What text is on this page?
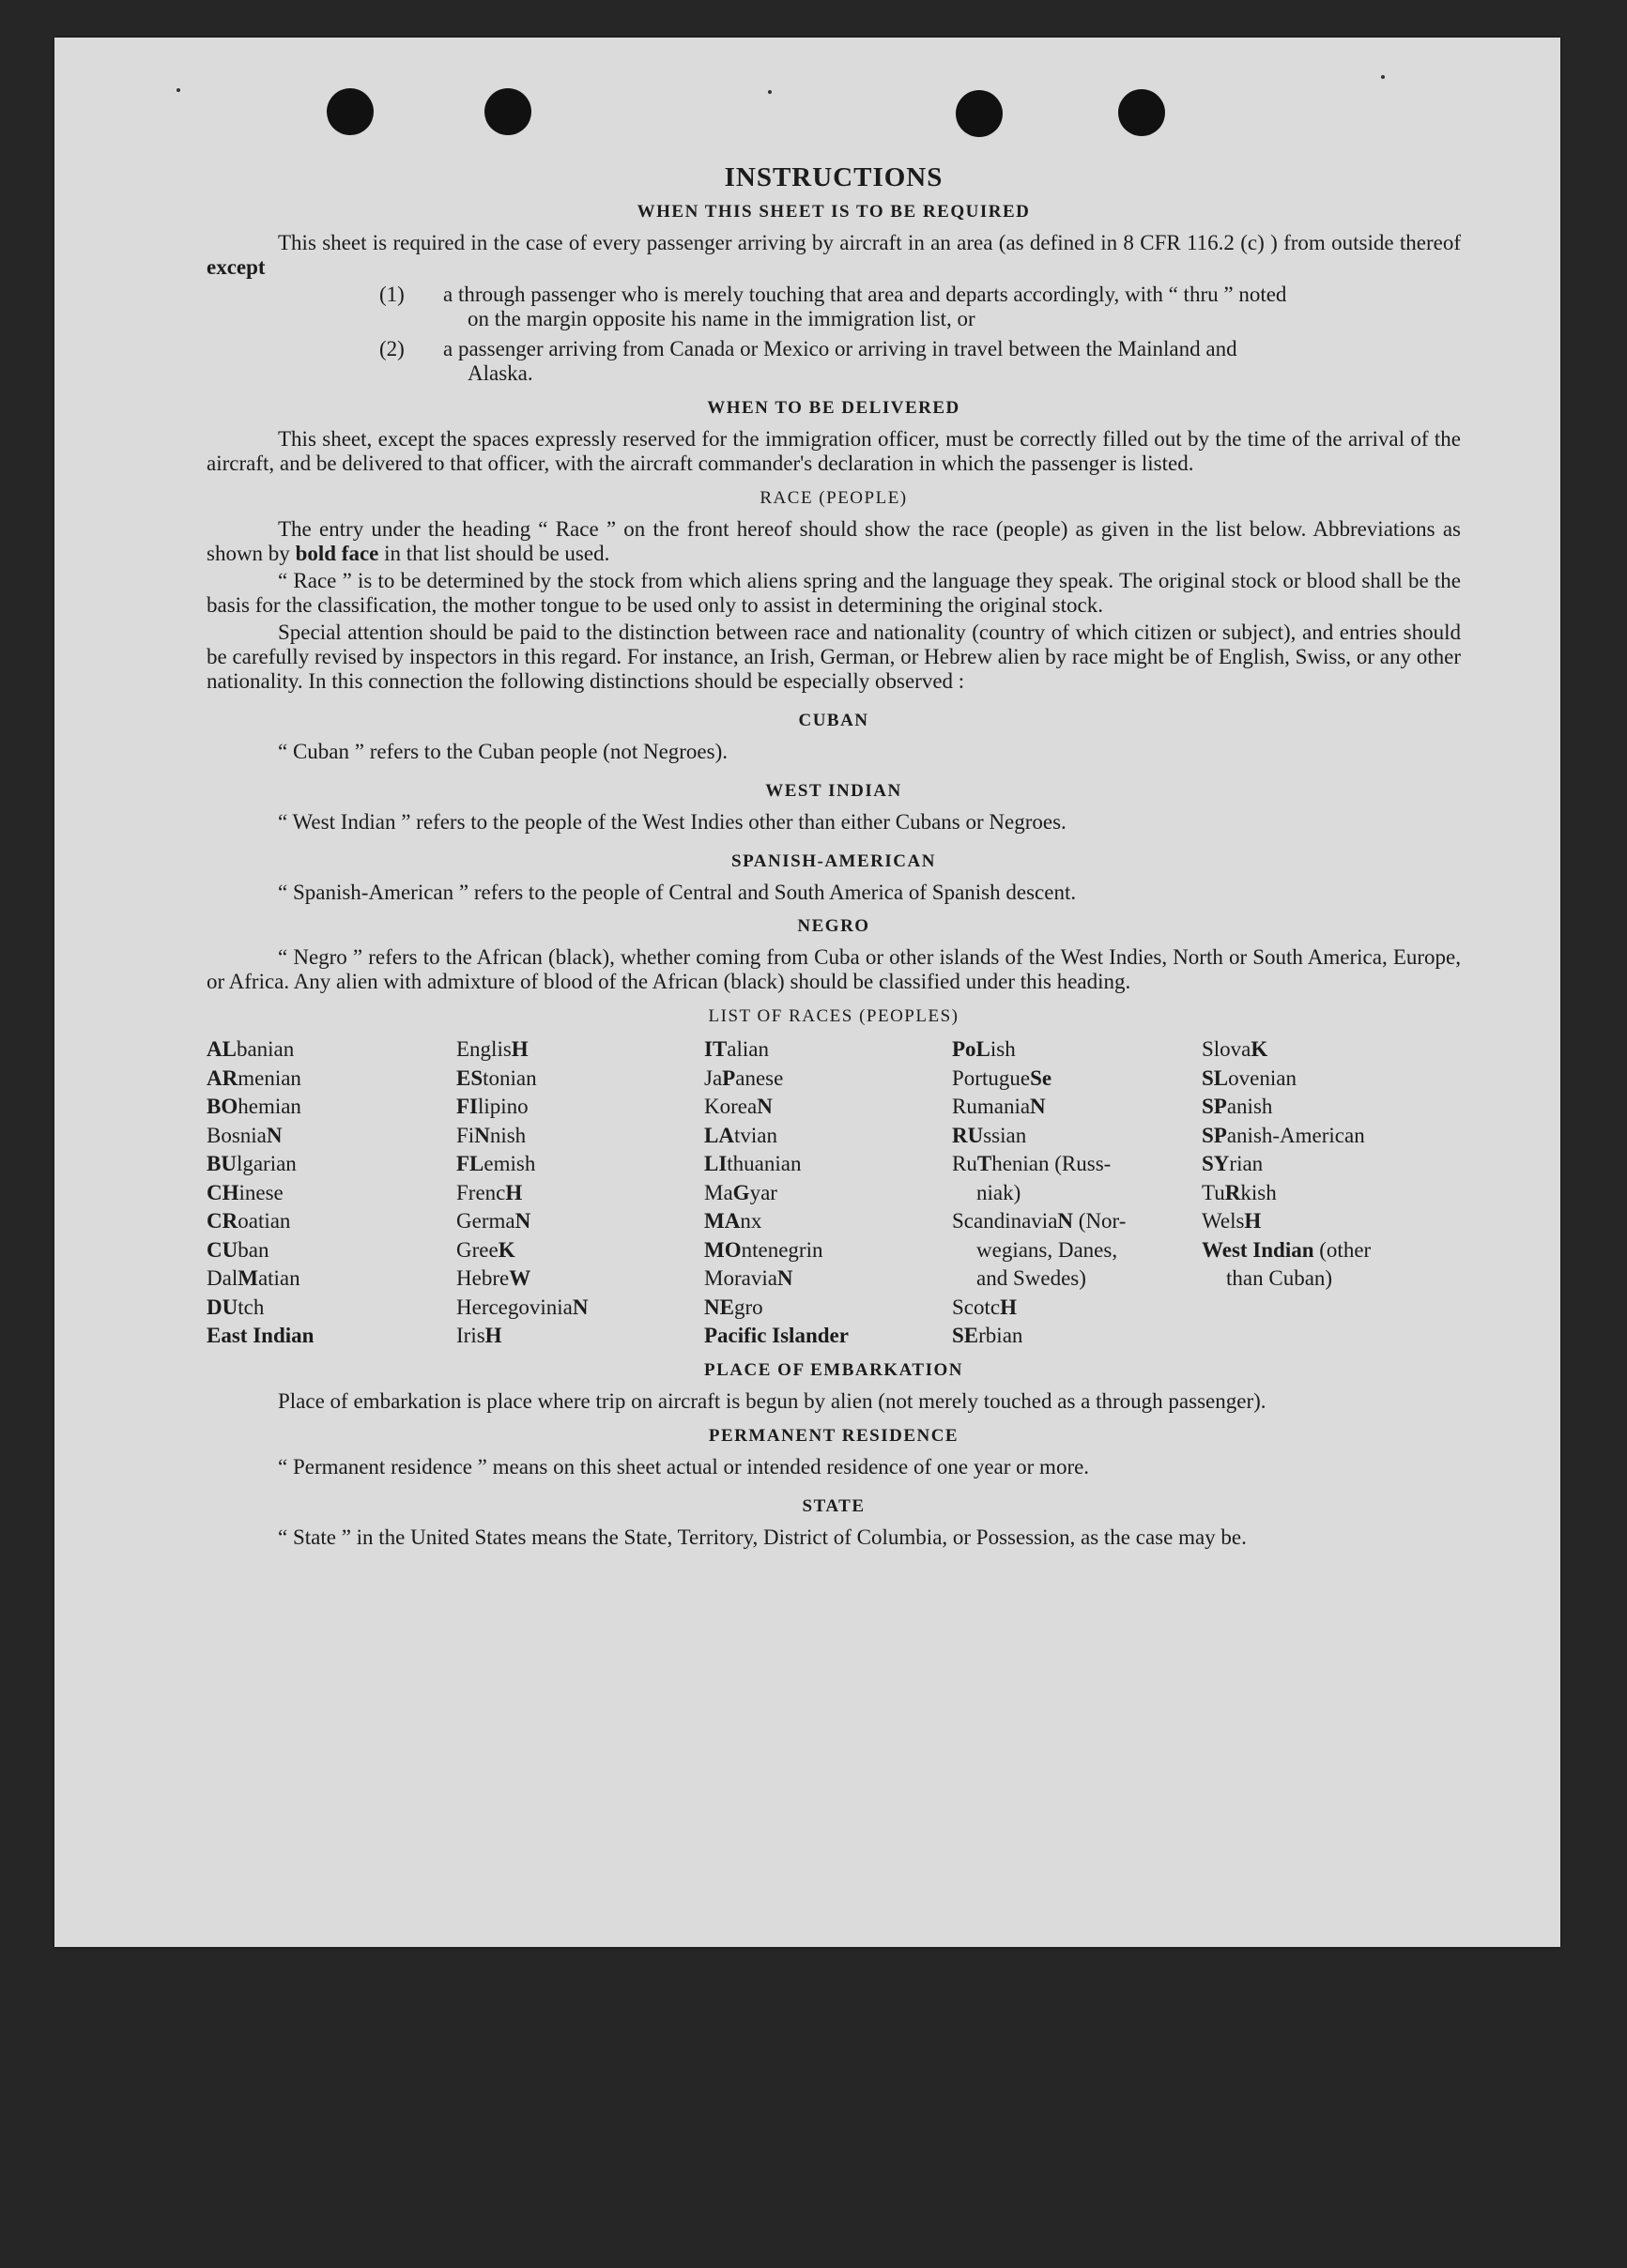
INSTRUCTIONS
WHEN THIS SHEET IS TO BE REQUIRED

This sheet is required in the case of every passenger arriving by aircraft in an area (as defined in 8 CFR 116.2 (c) ) from outside thereof except

(1)	a through passenger who is merely touching that area and departs accordingly, with “ thru ” noted
on the margin opposite his name in the immigration list, or
(2)	a passenger arriving from Canada or Mexico or arriving in travel between the Mainland and
Alaska.
WHEN TO BE DELIVERED

This sheet, except the spaces expressly reserved for the immigration officer, must be correctly filled out by the time of the arrival of the aircraft, and be delivered to that officer, with the aircraft commander's declaration in which the passenger is listed.

RACE (PEOPLE)

The entry under the heading “ Race ” on the front hereof should show the race (people) as given in the list below. Abbreviations as shown by bold face in that list should be used.

“ Race ” is to be determined by the stock from which aliens spring and the language they speak. The original stock or blood shall be the basis for the classification, the mother tongue to be used only to assist in determining the original stock.

Special attention should be paid to the distinction between race and nationality (country of which citizen or subject), and entries should be carefully revised by inspectors in this regard. For instance, an Irish, German, or Hebrew alien by race might be of English, Swiss, or any other nationality. In this connection the following distinctions should be especially observed :

CUBAN

“ Cuban ” refers to the Cuban people (not Negroes).

WEST INDIAN

“ West Indian ” refers to the people of the West Indies other than either Cubans or Negroes.

SPANISH-AMERICAN

“ Spanish-American ” refers to the people of Central and South America of Spanish descent.

NEGRO

“ Negro ” refers to the African (black), whether coming from Cuba or other islands of the West Indies, North or South America, Europe, or Africa. Any alien with admixture of blood of the African (black) should be classified under this heading.

LIST OF RACES (PEOPLES)
ALbanian
ARmenian
BOhemian
BosniaN
BUlgarian
CHinese
CRoatian
CUban
DalMatian
DUtch
East Indian
EnglisH
EStonian
FIlipino
FiNnish
FLemish
FrencH
GermaN
GreeK
HebreW
HercegoviniaN
IrisH
ITalian
JaPanese
KoreaN
LAtvian
LIthuanian
MaGyar
MAnx
MOntenegrin
MoraviaN
NEgro
Pacific Islander
PoLish
PortugueSe
RumaniaN
RUssian
RuThenian (Russ-
niak)
ScandinaviaN (Nor-
wegians, Danes,
and Swedes)
ScotcH
SErbian
SlovaK
SLovenian
SPanish
SPanish-American
SYrian
TuRkish
WelsH
West Indian (other
than Cuban)
PLACE OF EMBARKATION

Place of embarkation is place where trip on aircraft is begun by alien (not merely touched as a through passenger).

PERMANENT RESIDENCE

“ Permanent residence ” means on this sheet actual or intended residence of one year or more.

STATE

“ State ” in the United States means the State, Territory, District of Columbia, or Possession, as the case may be.
